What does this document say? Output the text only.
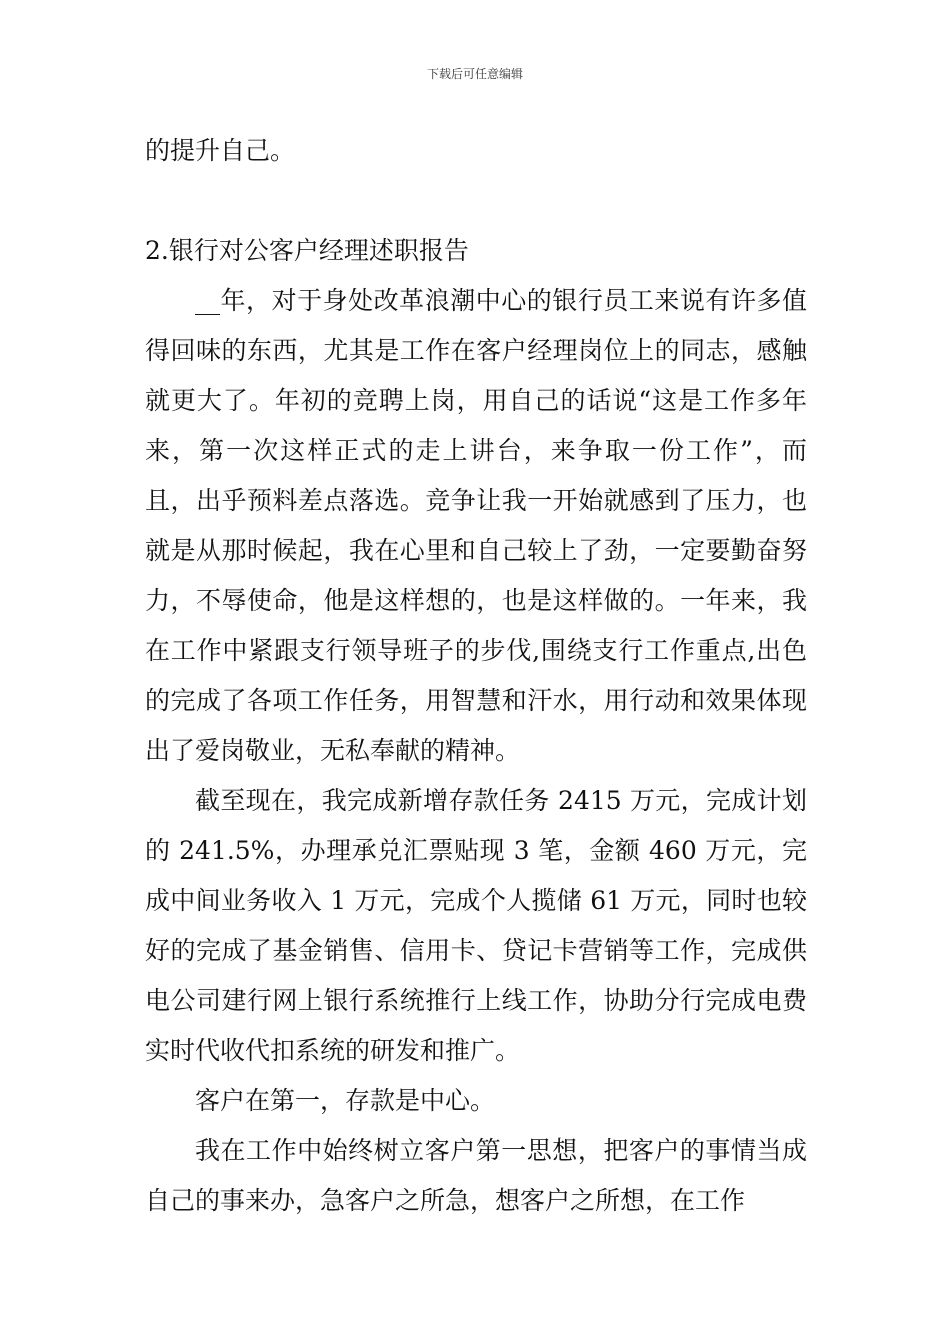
下载后可任意编辑

的提升自己。

2.银行对公客户经理述职报告

__年，对于身处改革浪潮中心的银行员工来说有许多值得回味的东西，尤其是工作在客户经理岗位上的同志，感触就更大了。年初的竞聘上岗，用自己的话说“这是工作多年来，第一次这样正式的走上讲台，来争取一份工作”，而且，出乎预料差点落选。竞争让我一开始就感到了压力，也就是从那时候起，我在心里和自己较上了劲，一定要勤奋努力，不辱使命，他是这样想的，也是这样做的。一年来，我在工作中紧跟支行领导班子的步伐,围绕支行工作重点,出色的完成了各项工作任务，用智慧和汗水，用行动和效果体现出了爱岗敬业，无私奉献的精神。

截至现在，我完成新增存款任务 2415 万元，完成计划的 241.5%，办理承兑汇票贴现 3 笔，金额 460 万元，完成中间业务收入 1 万元，完成个人揽储 61 万元，同时也较好的完成了基金销售、信用卡、贷记卡营销等工作，完成供电公司建行网上银行系统推行上线工作，协助分行完成电费实时代收代扣系统的研发和推广。

客户在第一，存款是中心。

我在工作中始终树立客户第一思想，把客户的事情当成自己的事来办，急客户之所急，想客户之所想，在工作
